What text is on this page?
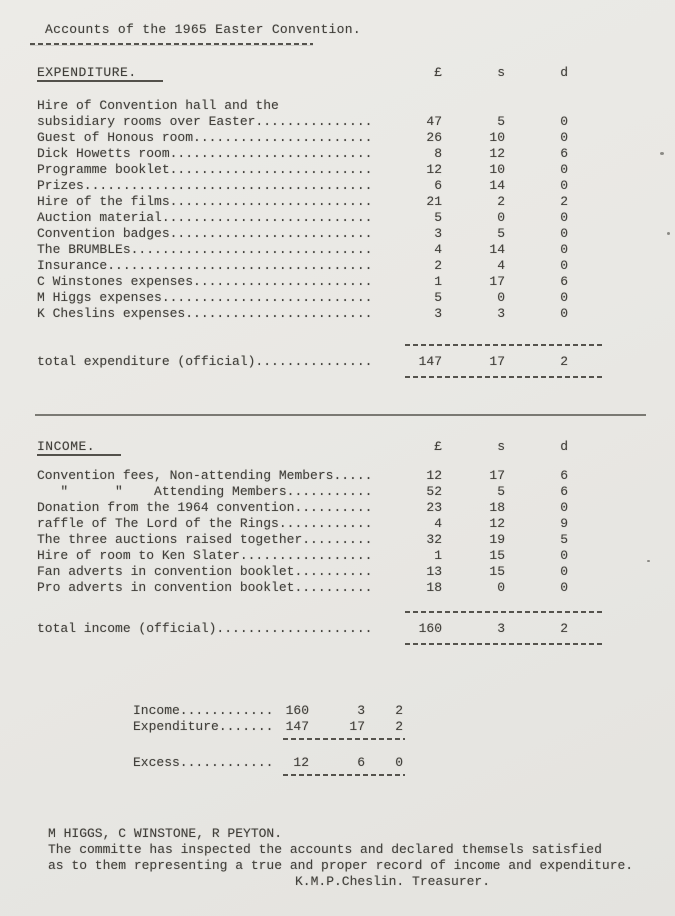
Accounts of the 1965 Easter Convention.
EXPENDITURE.	£	s	d
Hire of Convention hall and the
subsidiary rooms over Easter...............	47	5	0
Guest of Honous room.......................	26	10	0
Dick Howetts room..........................	8	12	6
Programme booklet..........................	12	10	0
Prizes.....................................	6	14	0
Hire of the films..........................	21	2	2
Auction material...........................	5	0	0
Convention badges..........................	3	5	0
The BRUMBLEs...............................	4	14	0
Insurance..................................	2	4	0
C Winstones expenses.......................	1	17	6
M Higgs expenses...........................	5	0	0
K Cheslins expenses........................	3	3	0
total expenditure (official)...............	147	17	2
INCOME.	£	s	d
Convention fees, Non-attending Members.....	12	17	6
"      "    Attending Members...........	52	5	6
Donation from the 1964 convention..........	23	18	0
raffle of The Lord of the Rings............	4	12	9
The three auctions raised together.........	32	19	5
Hire of room to Ken Slater.................	1	15	0
Fan adverts in convention booklet..........	13	15	0
Pro adverts in convention booklet..........	18	0	0
total income (official)....................	160	3	2
Income............ 160	3	2
Expenditure....... 147	17	2
Excess............	12	6	0
M HIGGS, C WINSTONE, R PEYTON.
The committe has inspected the accounts and declared themsels satisfied
as to them representing a true and proper record of income and expenditure.
K.M.P.Cheslin. Treasurer.
